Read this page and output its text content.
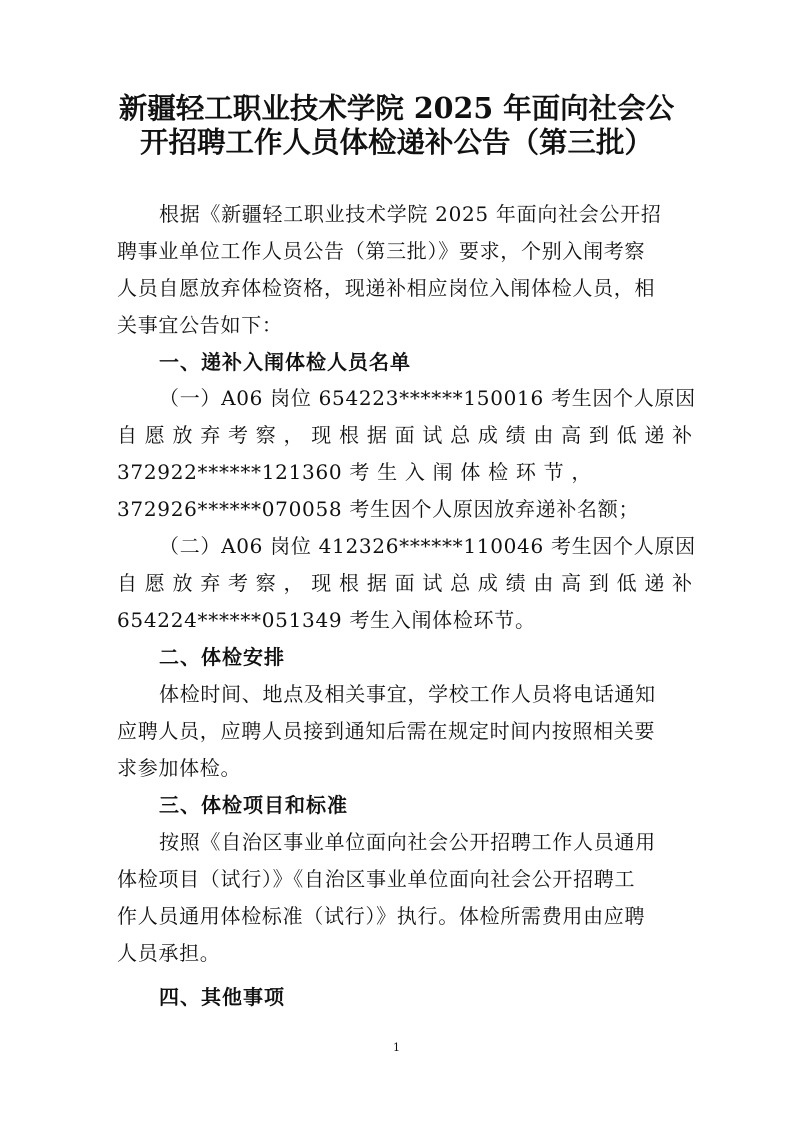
新疆轻工职业技术学院 2025 年面向社会公
开招聘工作人员体检递补公告（第三批）
根据《新疆轻工职业技术学院 2025 年面向社会公开招
聘事业单位工作人员公告（第三批）》要求，个别入闱考察
人员自愿放弃体检资格，现递补相应岗位入闱体检人员，相
关事宜公告如下：
一、递补入闱体检人员名单
（一）A06 岗位 654223******150016 考生因个人原因
自 愿 放 弃 考 察 ， 现 根 据 面 试 总 成 绩 由 高 到 低 递 补
372922******121360 考 生 入 闱 体 检 环 节 ，
372926******070058 考生因个人原因放弃递补名额；
（二）A06 岗位 412326******110046 考生因个人原因
自 愿 放 弃 考 察 ， 现 根 据 面 试 总 成 绩 由 高 到 低 递 补
654224******051349 考生入闱体检环节。
二、体检安排
体检时间、地点及相关事宜，学校工作人员将电话通知
应聘人员，应聘人员接到通知后需在规定时间内按照相关要
求参加体检。
三、体检项目和标准
按照《自治区事业单位面向社会公开招聘工作人员通用
体检项目（试行）》《自治区事业单位面向社会公开招聘工
作人员通用体检标准（试行）》执行。体检所需费用由应聘
人员承担。
四、其他事项
1
